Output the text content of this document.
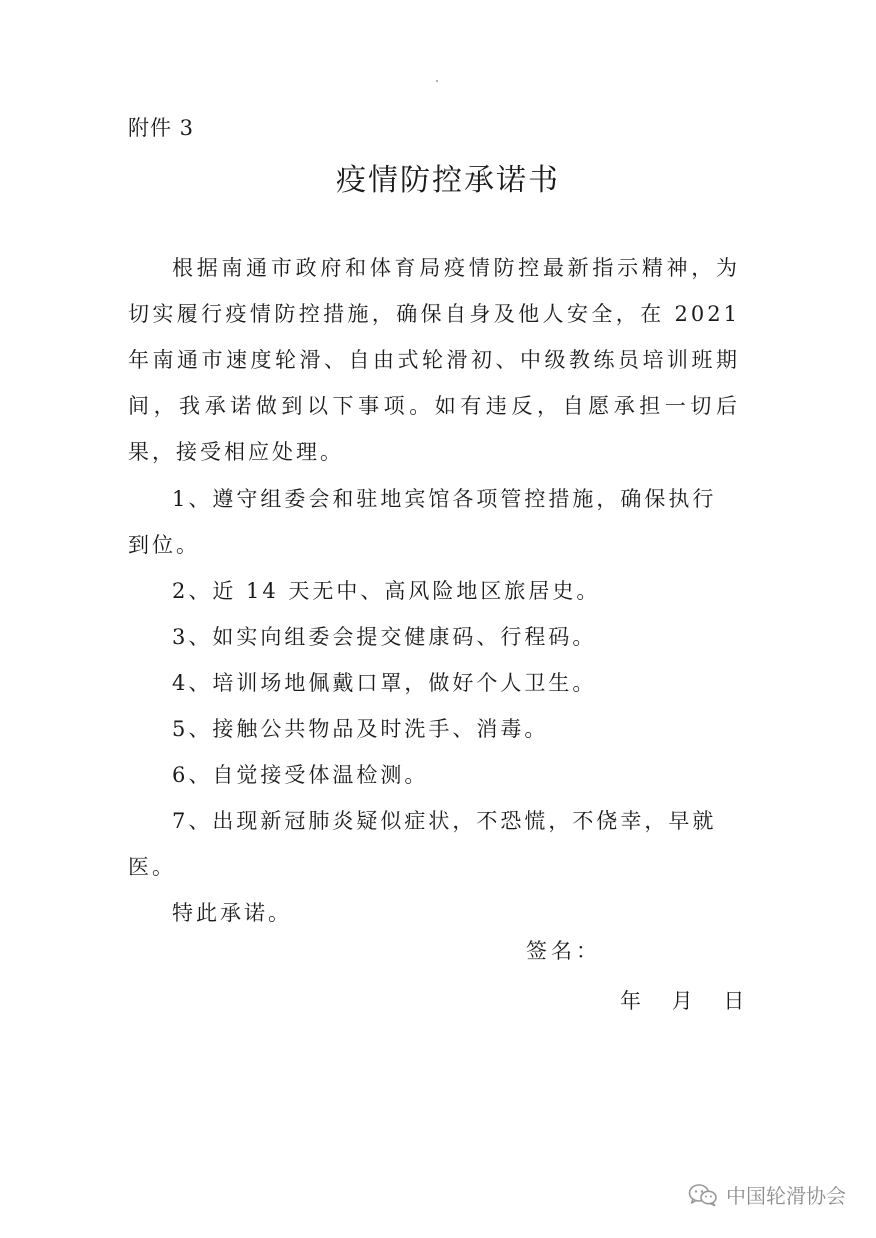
附件 3
疫情防控承诺书
根据南通市政府和体育局疫情防控最新指示精神，为切实履行疫情防控措施，确保自身及他人安全，在 2021 年南通市速度轮滑、自由式轮滑初、中级教练员培训班期间，我承诺做到以下事项。如有违反，自愿承担一切后果，接受相应处理。
1、遵守组委会和驻地宾馆各项管控措施，确保执行到位。
2、近 14 天无中、高风险地区旅居史。
3、如实向组委会提交健康码、行程码。
4、培训场地佩戴口罩，做好个人卫生。
5、接触公共物品及时洗手、消毒。
6、自觉接受体温检测。
7、出现新冠肺炎疑似症状，不恐慌，不侥幸，早就医。
特此承诺。
签名：
年 月 日
中国轮滑协会
